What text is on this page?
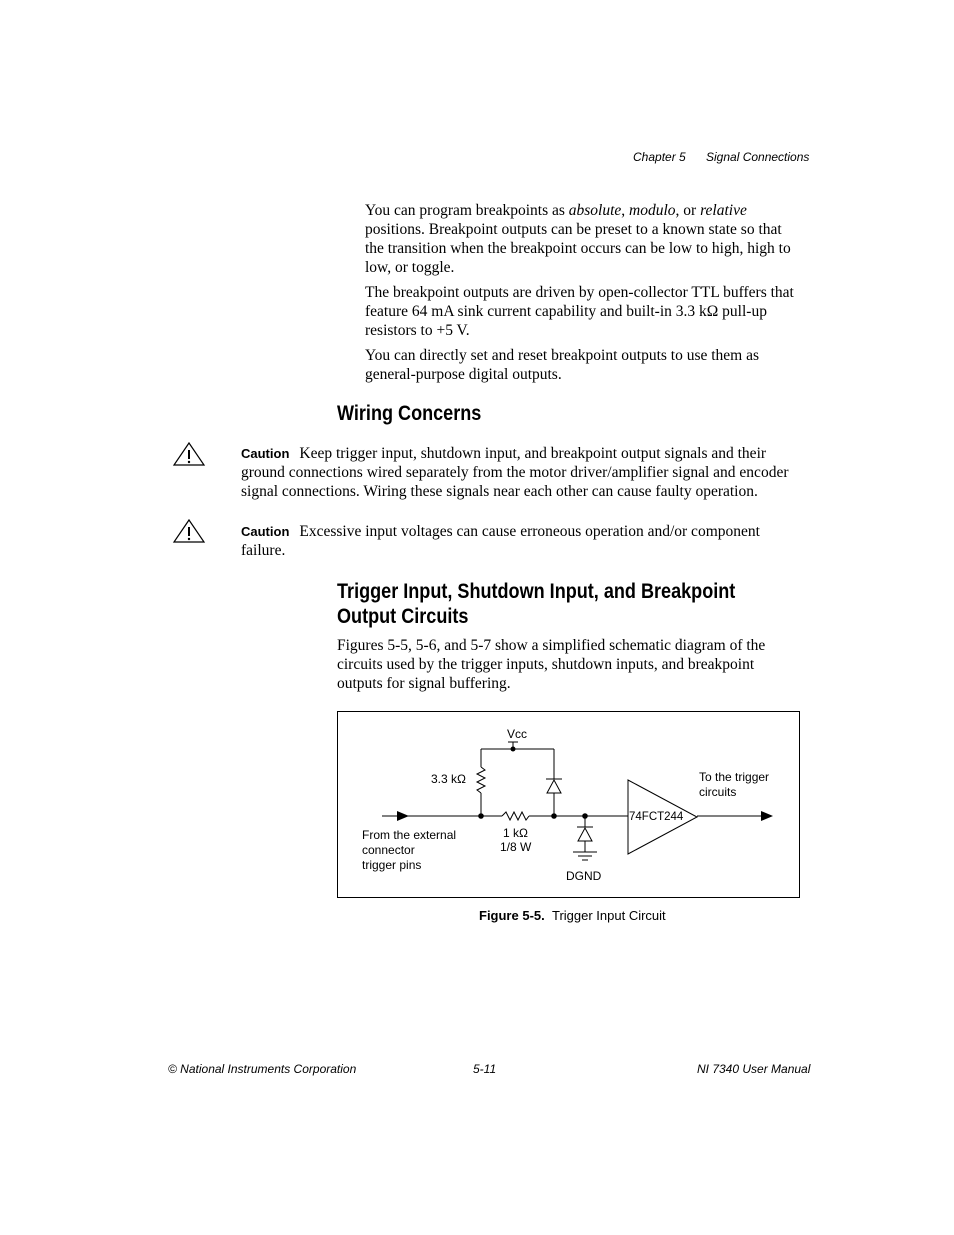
Chapter 5 Signal Connections

You can program breakpoints as absolute, modulo, or relative positions. Breakpoint outputs can be preset to a known state so that the transition when the breakpoint occurs can be low to high, high to low, or toggle.

The breakpoint outputs are driven by open-collector TTL buffers that feature 64 mA sink current capability and built-in 3.3 kΩ pull-up resistors to +5 V.

You can directly set and reset breakpoint outputs to use them as general-purpose digital outputs.

Wiring Concerns
Caution Keep trigger input, shutdown input, and breakpoint output signals and their ground connections wired separately from the motor driver/amplifier signal and encoder signal connections. Wiring these signals near each other can cause faulty operation.
Caution Excessive input voltages can cause erroneous operation and/or component failure.
Trigger Input, Shutdown Input, and Breakpoint
Output Circuits
Figures 5-5, 5-6, and 5-7 show a simplified schematic diagram of the circuits used by the trigger inputs, shutdown inputs, and breakpoint outputs for signal buffering.
Vcc
3.3 kΩ	To the trigger
circuits
74FCT244
1 kΩ
1/8 W
From the external
connector
trigger pins
DGND
Figure 5-5. Trigger Input Circuit
© National Instruments Corporation	5-11	NI 7340 User Manual
